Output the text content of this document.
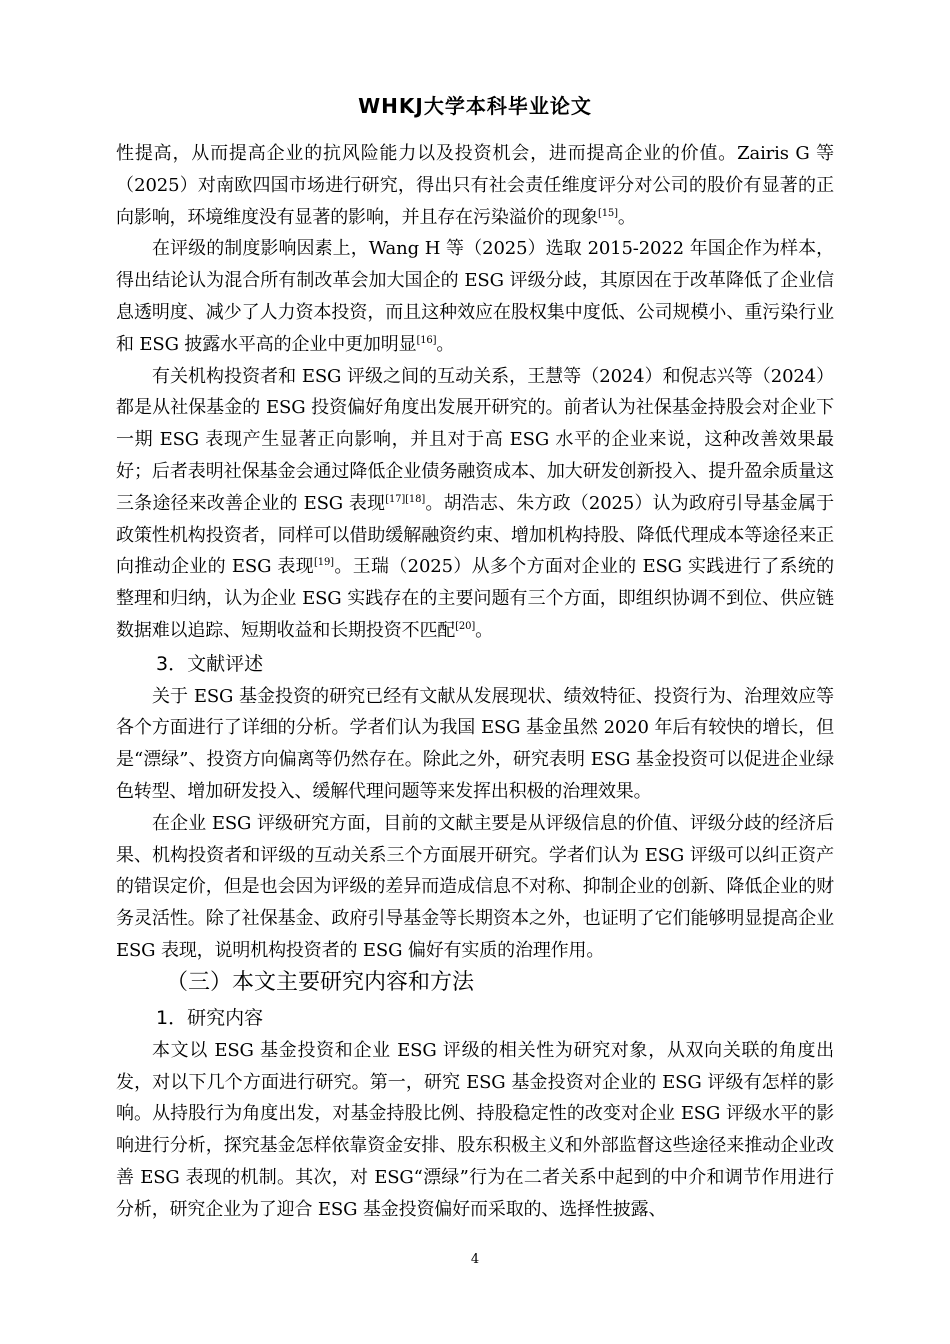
WHKJ大学本科毕业论文

性提高，从而提高企业的抗风险能力以及投资机会，进而提高企业的价值。Zairis G 等（2025）对南欧四国市场进行研究，得出只有社会责任维度评分对公司的股价有显著的正向影响，环境维度没有显著的影响，并且存在污染溢价的现象[15]。

在评级的制度影响因素上，Wang H 等（2025）选取 2015-2022 年国企作为样本，得出结论认为混合所有制改革会加大国企的 ESG 评级分歧，其原因在于改革降低了企业信息透明度、减少了人力资本投资，而且这种效应在股权集中度低、公司规模小、重污染行业和 ESG 披露水平高的企业中更加明显[16]。

有关机构投资者和 ESG 评级之间的互动关系，王慧等（2024）和倪志兴等（2024）都是从社保基金的 ESG 投资偏好角度出发展开研究的。前者认为社保基金持股会对企业下一期 ESG 表现产生显著正向影响，并且对于高 ESG 水平的企业来说，这种改善效果最好；后者表明社保基金会通过降低企业债务融资成本、加大研发创新投入、提升盈余质量这三条途径来改善企业的 ESG 表现[17][18]。胡浩志、朱方政（2025）认为政府引导基金属于政策性机构投资者，同样可以借助缓解融资约束、增加机构持股、降低代理成本等途径来正向推动企业的 ESG 表现[19]。王瑞（2025）从多个方面对企业的 ESG 实践进行了系统的整理和归纳，认为企业 ESG 实践存在的主要问题有三个方面，即组织协调不到位、供应链数据难以追踪、短期收益和长期投资不匹配[20]。

3．文献评述

关于 ESG 基金投资的研究已经有文献从发展现状、绩效特征、投资行为、治理效应等各个方面进行了详细的分析。学者们认为我国 ESG 基金虽然 2020 年后有较快的增长，但是“漂绿”、投资方向偏离等仍然存在。除此之外，研究表明 ESG 基金投资可以促进企业绿色转型、增加研发投入、缓解代理问题等来发挥出积极的治理效果。

在企业 ESG 评级研究方面，目前的文献主要是从评级信息的价值、评级分歧的经济后果、机构投资者和评级的互动关系三个方面展开研究。学者们认为 ESG 评级可以纠正资产的错误定价，但是也会因为评级的差异而造成信息不对称、抑制企业的创新、降低企业的财务灵活性。除了社保基金、政府引导基金等长期资本之外，也证明了它们能够明显提高企业 ESG 表现，说明机构投资者的 ESG 偏好有实质的治理作用。

（三）本文主要研究内容和方法
1．研究内容

本文以 ESG 基金投资和企业 ESG 评级的相关性为研究对象，从双向关联的角度出发，对以下几个方面进行研究。第一，研究 ESG 基金投资对企业的 ESG 评级有怎样的影响。从持股行为角度出发，对基金持股比例、持股稳定性的改变对企业 ESG 评级水平的影响进行分析，探究基金怎样依靠资金安排、股东积极主义和外部监督这些途径来推动企业改善 ESG 表现的机制。其次，对 ESG“漂绿”行为在二者关系中起到的中介和调节作用进行分析，研究企业为了迎合 ESG 基金投资偏好而采取的、选择性披露、

4
